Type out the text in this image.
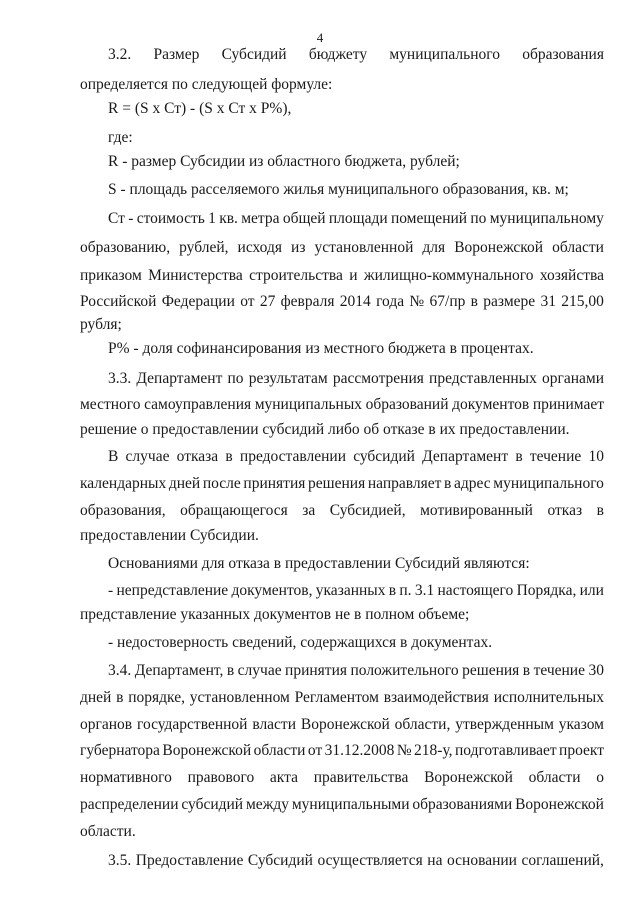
4
3.2. Размер Субсидий бюджету муниципального образования
определяется по следующей формуле:
R = (S x Ст) - (S x Ст x P%),
где:
R - размер Субсидии из областного бюджета, рублей;
S - площадь расселяемого жилья муниципального образования, кв. м;
Ст - стоимость 1 кв. метра общей площади помещений по муниципальному
образованию, рублей, исходя из установленной для Воронежской области
приказом Министерства строительства и жилищно-коммунального хозяйства
Российской Федерации от 27 февраля 2014 года № 67/пр в размере 31 215,00
рубля;
P% - доля софинансирования из местного бюджета в процентах.
3.3. Департамент по результатам рассмотрения представленных органами
местного самоуправления муниципальных образований документов принимает
решение о предоставлении субсидий либо об отказе в их предоставлении.
В случае отказа в предоставлении субсидий Департамент в течение 10
календарных дней после принятия решения направляет в адрес муниципального
образования, обращающегося за Субсидией, мотивированный отказ в
предоставлении Субсидии.
Основаниями для отказа в предоставлении Субсидий являются:
- непредставление документов, указанных в п. 3.1 настоящего Порядка, или
представление указанных документов не в полном объеме;
- недостоверность сведений, содержащихся в документах.
3.4. Департамент, в случае принятия положительного решения в течение 30
дней в порядке, установленном Регламентом взаимодействия исполнительных
органов государственной власти Воронежской области, утвержденным указом
губернатора Воронежской области от 31.12.2008 № 218-у, подготавливает проект
нормативного правового акта правительства Воронежской области о
распределении субсидий между муниципальными образованиями Воронежской
области.
3.5. Предоставление Субсидий осуществляется на основании соглашений,
